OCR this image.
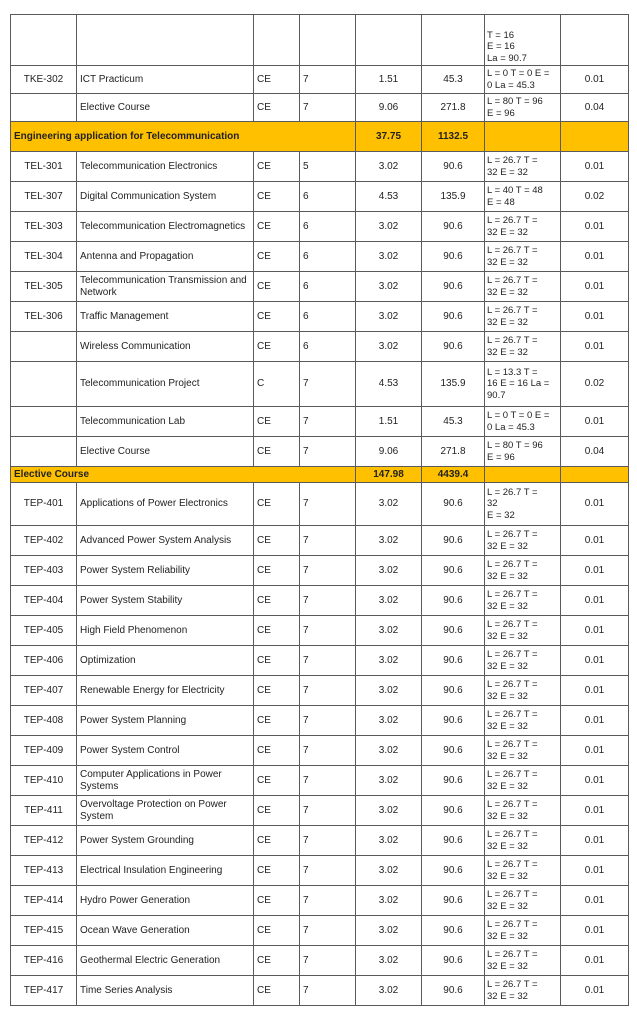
						T = 16
E = 16
La = 90.7	
TKE-302	ICT Practicum	CE	7	1.51	45.3	L = 0 T = 0 E =
0 La = 45.3	0.01
	Elective Course	CE	7	9.06	271.8	L = 80 T = 96
E = 96	0.04
Engineering application for Telecommunication				37.75	1132.5		
TEL-301	Telecommunication Electronics	CE	5	3.02	90.6	L = 26.7 T =
32 E = 32	0.01
TEL-307	Digital Communication System	CE	6	4.53	135.9	L = 40 T = 48
E = 48	0.02
TEL-303	Telecommunication Electromagnetics	CE	6	3.02	90.6	L = 26.7 T =
32 E = 32	0.01
TEL-304	Antenna and Propagation	CE	6	3.02	90.6	L = 26.7 T =
32 E = 32	0.01
TEL-305	Telecommunication Transmission and Network	CE	6	3.02	90.6	L = 26.7 T =
32 E = 32	0.01
TEL-306	Traffic Management	CE	6	3.02	90.6	L = 26.7 T =
32 E = 32	0.01
	Wireless Communication	CE	6	3.02	90.6	L = 26.7 T =
32 E = 32	0.01
	Telecommunication Project	C	7	4.53	135.9	L = 13.3 T =
16 E = 16 La =
90.7	0.02
	Telecommunication Lab	CE	7	1.51	45.3	L = 0 T = 0 E =
0 La = 45.3	0.01
	Elective Course	CE	7	9.06	271.8	L = 80 T = 96
E = 96	0.04
Elective Course				147.98	4439.4		
TEP-401	Applications of Power Electronics	CE	7	3.02	90.6	L = 26.7 T =
32
E = 32	0.01
TEP-402	Advanced Power System Analysis	CE	7	3.02	90.6	L = 26.7 T =
32 E = 32	0.01
TEP-403	Power System Reliability	CE	7	3.02	90.6	L = 26.7 T =
32 E = 32	0.01
TEP-404	Power System Stability	CE	7	3.02	90.6	L = 26.7 T =
32 E = 32	0.01
TEP-405	High Field Phenomenon	CE	7	3.02	90.6	L = 26.7 T =
32 E = 32	0.01
TEP-406	Optimization	CE	7	3.02	90.6	L = 26.7 T =
32 E = 32	0.01
TEP-407	Renewable Energy for Electricity	CE	7	3.02	90.6	L = 26.7 T =
32 E = 32	0.01
TEP-408	Power System Planning	CE	7	3.02	90.6	L = 26.7 T =
32 E = 32	0.01
TEP-409	Power System Control	CE	7	3.02	90.6	L = 26.7 T =
32 E = 32	0.01
TEP-410	Computer Applications in Power Systems	CE	7	3.02	90.6	L = 26.7 T =
32 E = 32	0.01
TEP-411	Overvoltage Protection on Power System	CE	7	3.02	90.6	L = 26.7 T =
32 E = 32	0.01
TEP-412	Power System Grounding	CE	7	3.02	90.6	L = 26.7 T =
32 E = 32	0.01
TEP-413	Electrical Insulation Engineering	CE	7	3.02	90.6	L = 26.7 T =
32 E = 32	0.01
TEP-414	Hydro Power Generation	CE	7	3.02	90.6	L = 26.7 T =
32 E = 32	0.01
TEP-415	Ocean Wave Generation	CE	7	3.02	90.6	L = 26.7 T =
32 E = 32	0.01
TEP-416	Geothermal Electric Generation	CE	7	3.02	90.6	L = 26.7 T =
32 E = 32	0.01
TEP-417	Time Series Analysis	CE	7	3.02	90.6	L = 26.7 T =
32 E = 32	0.01
